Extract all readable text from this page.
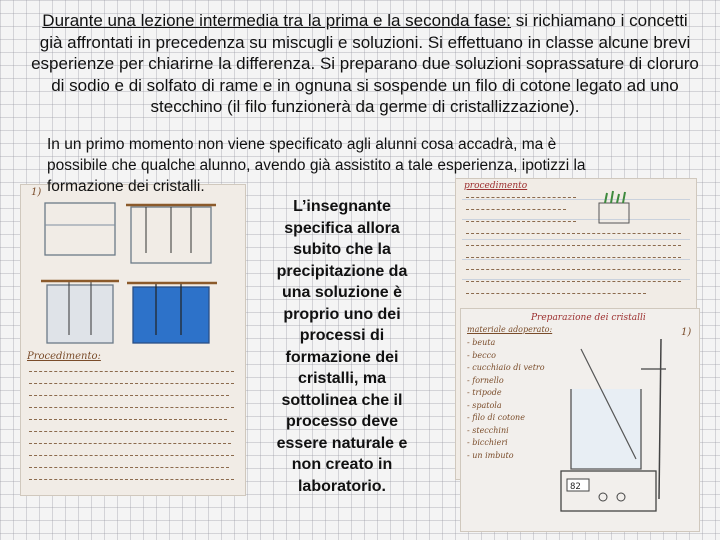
1)
Procedimento:
procedimento
Preparazione dei cristalli
1)
materiale adoperato:
- beuta
- becco
- cucchiaio di vetro
- fornello
- tripode
- spatola
- filo di cotone
- stecchini
- bicchieri
- un imbuto
82

Durante una lezione intermedia tra la prima e la seconda fase: si richiamano i concetti già affrontati in precedenza su miscugli e soluzioni. Si effettuano in classe alcune brevi esperienze per chiarirne la differenza. Si preparano due soluzioni soprassature di cloruro di sodio e di solfato di rame e in ognuna si sospende un filo di cotone legato ad uno stecchino (il filo funzionerà da germe di cristallizzazione).

In un primo momento non viene specificato agli alunni cosa accadrà, ma è
possibile che qualche alunno, avendo già assistito a tale esperienza, ipotizzi la
formazione dei cristalli.

L’insegnante
specifica allora
subito che la
precipitazione da
una soluzione è
proprio uno dei
processi di
formazione dei
cristalli, ma
sottolinea che il
processo deve
essere naturale e
non creato in
laboratorio.
